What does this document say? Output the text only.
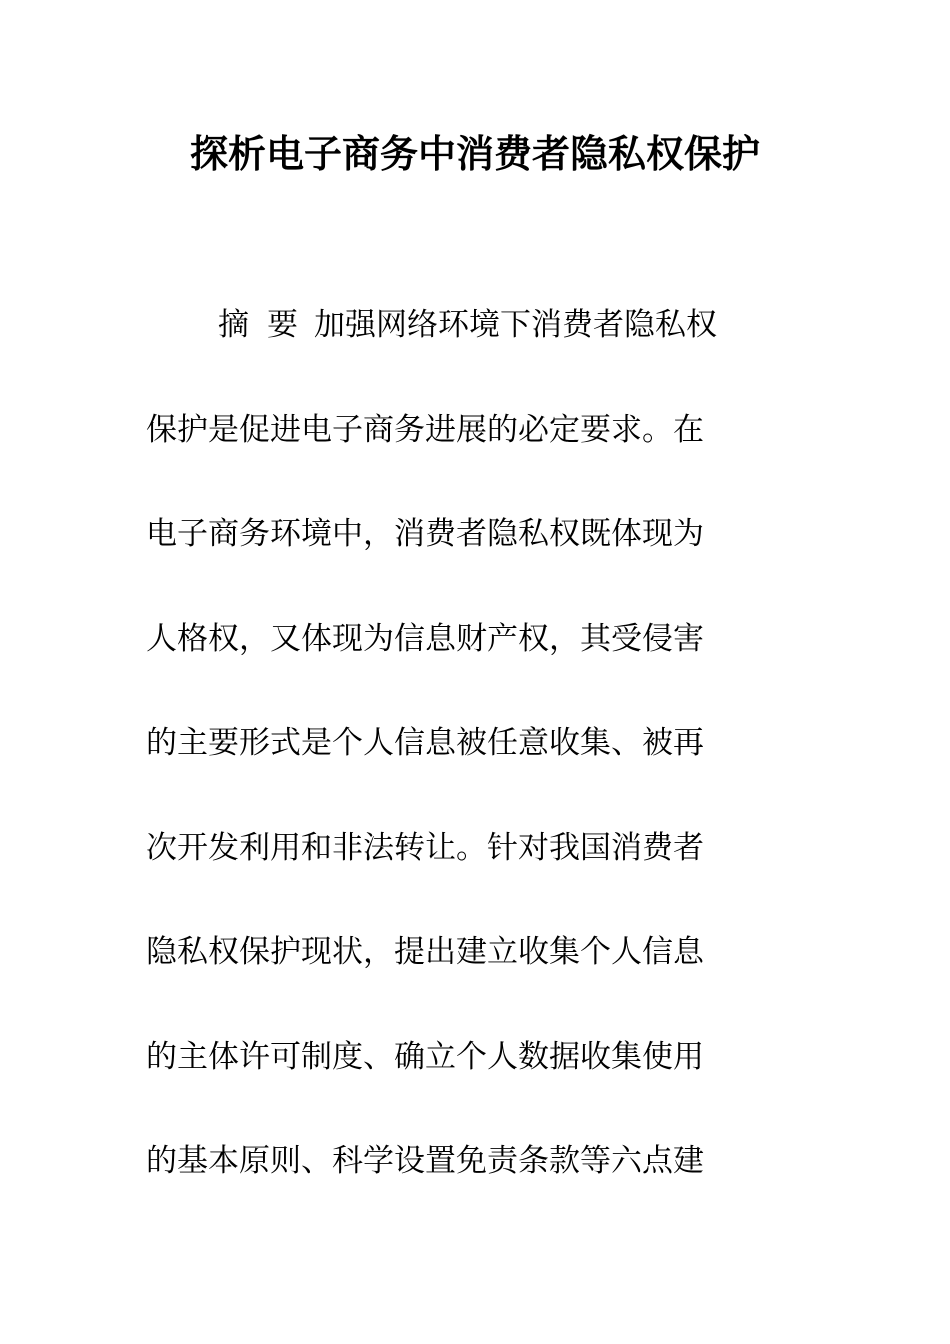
探析电子商务中消费者隐私权保护
摘 要 加强网络环境下消费者隐私权
保护是促进电子商务进展的必定要求。在
电子商务环境中，消费者隐私权既体现为
人格权，又体现为信息财产权，其受侵害
的主要形式是个人信息被任意收集、被再
次开发利用和非法转让。针对我国消费者
隐私权保护现状，提出建立收集个人信息
的主体许可制度、确立个人数据收集使用
的基本原则、科学设置免责条款等六点建
